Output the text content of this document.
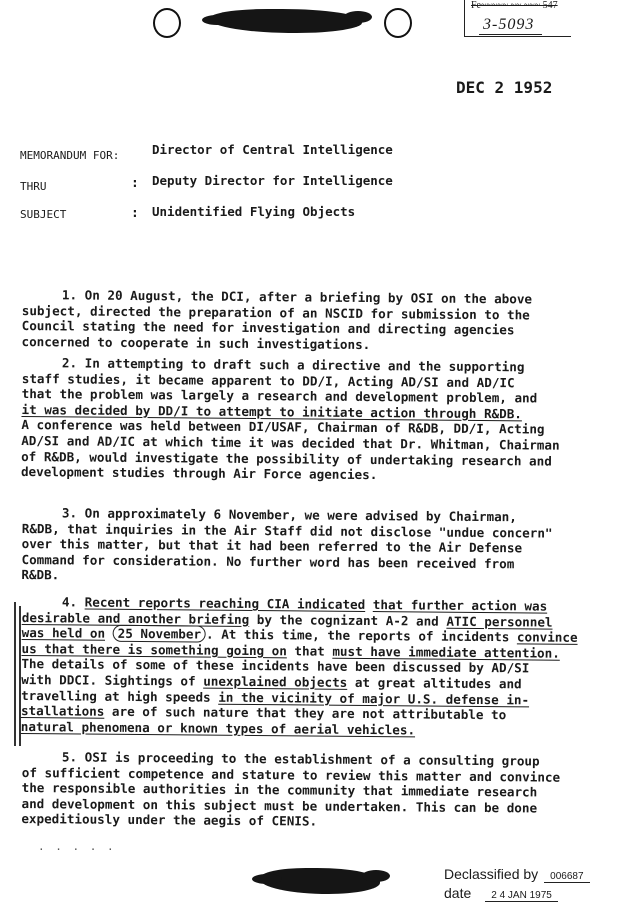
Fe~~~~~ ~~ ~~~ 547
3-5093
DEC 2 1952
MEMORANDUM FOR:	Director of Central Intelligence
THRU	: Deputy Director for Intelligence
SUBJECT	: Unidentified Flying Objects
1. On 20 August, the DCI, after a briefing by OSI on the above
subject, directed the preparation of an NSCID for submission to the
Council stating the need for investigation and directing agencies
concerned to cooperate in such investigations.
2. In attempting to draft such a directive and the supporting
staff studies, it became apparent to DD/I, Acting AD/SI and AD/IC
that the problem was largely a research and development problem, and
it was decided by DD/I to attempt to initiate action through R&DB.
A conference was held between DI/USAF, Chairman of R&DB, DD/I, Acting
AD/SI and AD/IC at which time it was decided that Dr. Whitman, Chairman
of R&DB, would investigate the possibility of undertaking research and
development studies through Air Force agencies.
3. On approximately 6 November, we were advised by Chairman,
R&DB, that inquiries in the Air Staff did not disclose "undue concern"
over this matter, but that it had been referred to the Air Defense
Command for consideration. No further word has been received from
R&DB.
4. Recent reports reaching CIA indicated that further action was
desirable and another briefing by the cognizant A-2 and ATIC personnel
was held on 25 November . At this time, the reports of incidents convince
us that there is something going on that must have immediate attention.
The details of some of these incidents have been discussed by AD/SI
with DDCI. Sightings of unexplained objects at great altitudes and
travelling at high speeds in the vicinity of major U.S. defense in-
stallations are of such nature that they are not attributable to
natural phenomena or known types of aerial vehicles.
5. OSI is proceeding to the establishment of a consulting group
of sufficient competence and stature to review this matter and convince
the responsible authorities in the community that immediate research
and development on this subject must be undertaken. This can be done
expeditiously under the aegis of CENIS.
. . . . .
Declassified by 006687
date 2 4 JAN 1975
